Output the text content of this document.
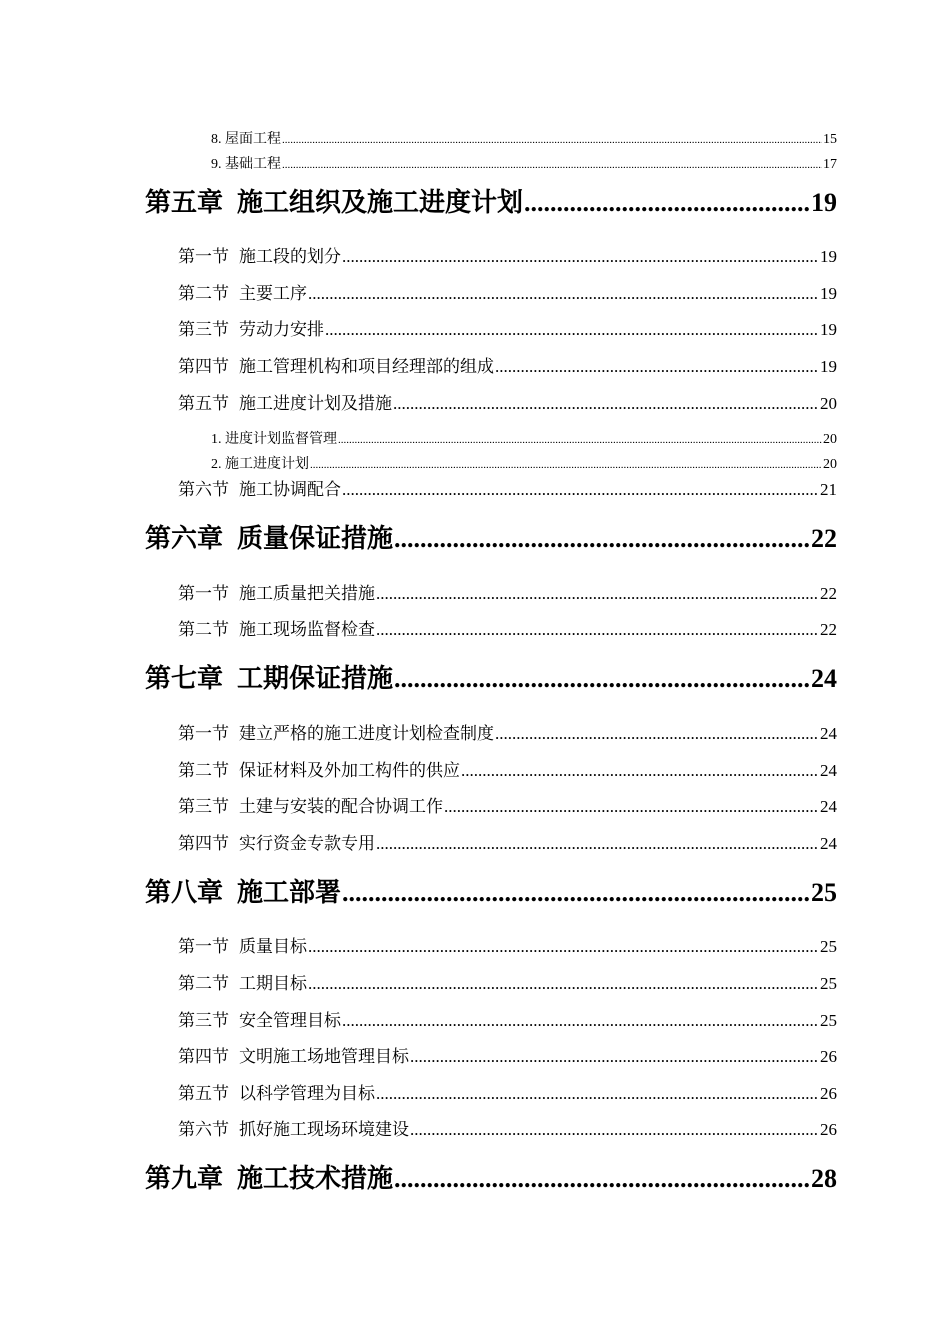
8. 屋面工程 .....	15
9. 基础工程 .....	17
第五章 施工组织及施工进度计划 .....	19
第一节 施工段的划分 .....	19
第二节 主要工序 .....	19
第三节 劳动力安排 .....	19
第四节 施工管理机构和项目经理部的组成 .....	19
第五节 施工进度计划及措施 .....	20
1. 进度计划监督管理 .....	20
2. 施工进度计划 .....	20
第六节 施工协调配合 .....	21
第六章 质量保证措施 .....	22
第一节 施工质量把关措施 .....	22
第二节 施工现场监督检查 .....	22
第七章 工期保证措施 .....	24
第一节 建立严格的施工进度计划检查制度 .....	24
第二节 保证材料及外加工构件的供应 .....	24
第三节 土建与安装的配合协调工作 .....	24
第四节 实行资金专款专用 .....	24
第八章 施工部署 .....	25
第一节 质量目标 .....	25
第二节 工期目标 .....	25
第三节 安全管理目标 .....	25
第四节 文明施工场地管理目标 .....	26
第五节 以科学管理为目标 .....	26
第六节 抓好施工现场环境建设 .....	26
第九章 施工技术措施 .....	28
